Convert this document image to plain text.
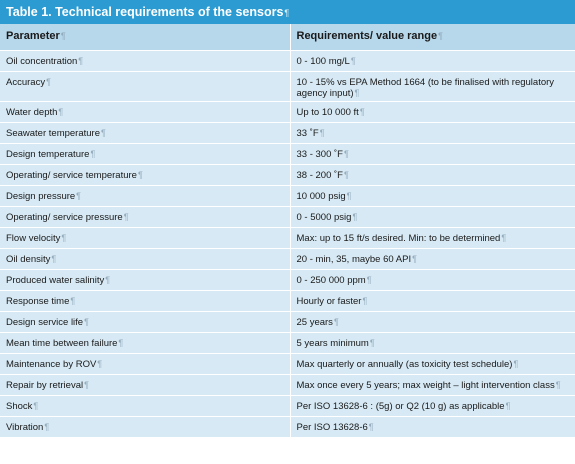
Table 1. Technical requirements of the sensors¶
Parameter¶	Requirements/ value range¶
Oil concentration¶	0 - 100 mg/L¶
Accuracy¶	10 - 15% vs EPA Method 1664 (to be finalised with regulatory agency input)¶
Water depth¶	Up to 10 000 ft¶
Seawater temperature¶	33 ˚F¶
Design temperature¶	33 - 300 ˚F¶
Operating/ service temperature¶	38 - 200 ˚F¶
Design pressure¶	10 000 psig¶
Operating/ service pressure¶	0 - 5000 psig¶
Flow velocity¶	Max: up to 15 ft/s desired. Min: to be determined¶
Oil density¶	20 - min, 35, maybe 60 API¶
Produced water salinity¶	0 - 250 000 ppm¶
Response time¶	Hourly or faster¶
Design service life¶	25 years¶
Mean time between failure¶	5 years minimum¶
Maintenance by ROV¶	Max quarterly or annually (as toxicity test schedule)¶
Repair by retrieval¶	Max once every 5 years; max weight – light intervention class¶
Shock¶	Per ISO 13628-6 : (5g) or Q2 (10 g) as applicable¶
Vibration¶	Per ISO 13628-6¶
